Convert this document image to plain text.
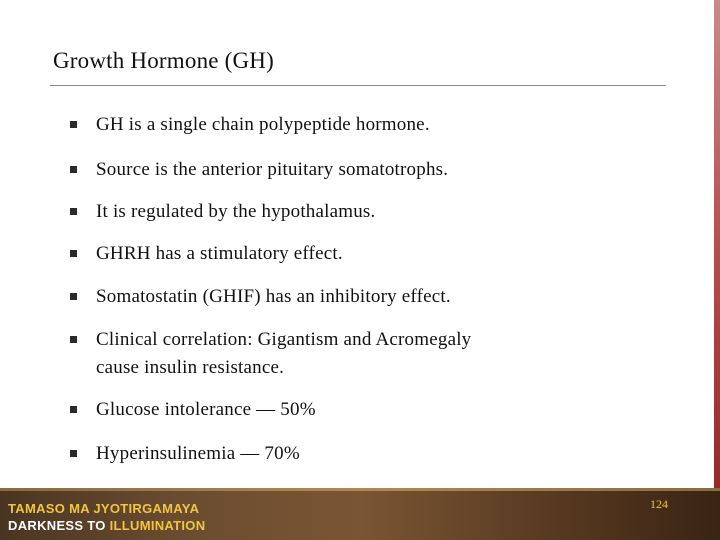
Growth Hormone (GH)
GH is a single chain polypeptide hormone.
Source is the anterior pituitary somatotrophs.
It is regulated by the hypothalamus.
GHRH has a stimulatory effect.
Somatostatin (GHIF) has an inhibitory effect.
Clinical correlation: Gigantism and Acromegaly
cause insulin resistance.
Glucose intolerance — 50%
Hyperinsulinemia — 70%
TAMASO MA JYOTIRGAMAYA
DARKNESS TO ILLUMINATION
124
